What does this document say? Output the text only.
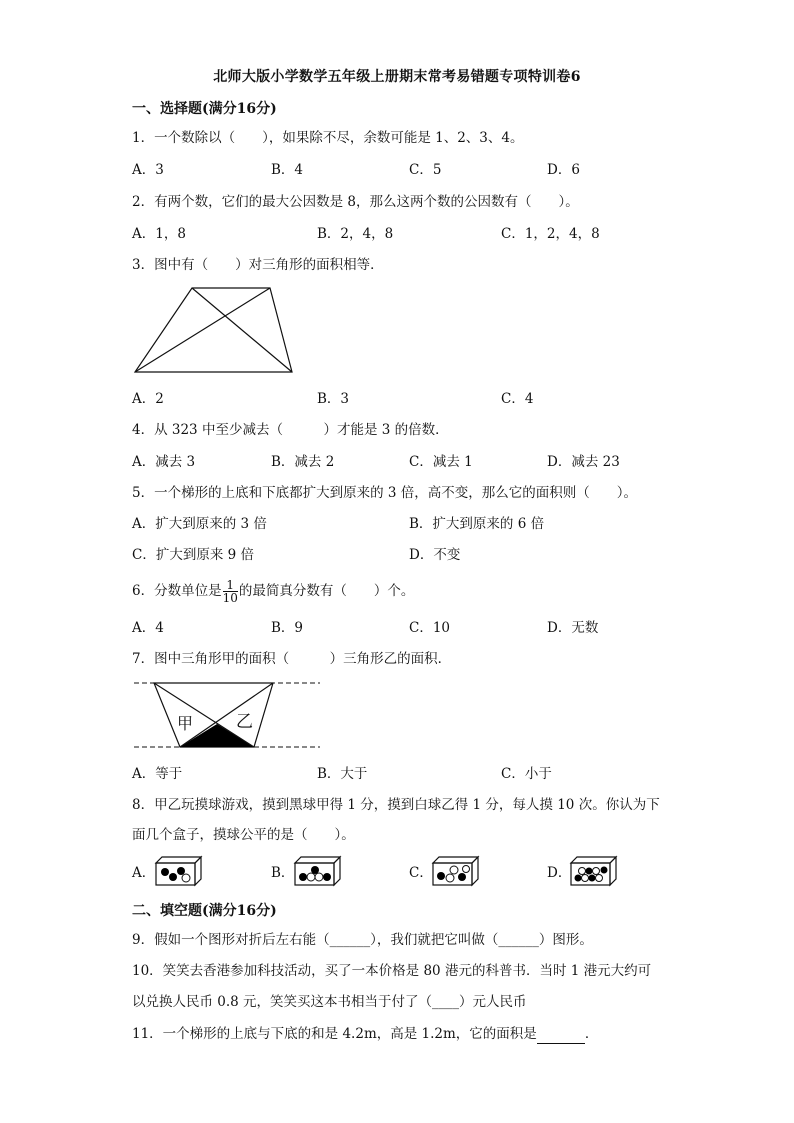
北师大版小学数学五年级上册期末常考易错题专项特训卷6
一、选择题(满分16分)
1．一个数除以（　　），如果除不尽，余数可能是 1、2、3、4。
A．3	B．4	C．5	D．6
2．有两个数，它们的最大公因数是 8，那么这两个数的公因数有（　　）。
A．1，8	B．2，4，8	C．1，2，4，8
3．图中有（　　）对三角形的面积相等．
A．2	B．3	C．4
4．从 323 中至少减去（　　　）才能是 3 的倍数．
A．减去 3	B．减去 2	C．减去 1	D．减去 23
5．一个梯形的上底和下底都扩大到原来的 3 倍，高不变，那么它的面积则（　　）。
A．扩大到原来的 3 倍	B．扩大到原来的 6 倍
C．扩大到原来 9 倍	D．不变
6．分数单位是 $\frac{1}{10}$ 的最简真分数有（　　）个。
A．4	B．9	C．10	D．无数
7．图中三角形甲的面积（　　　）三角形乙的面积．
甲	乙
A．等于	B．大于	C．小于
8．甲乙玩摸球游戏，摸到黑球甲得 1 分，摸到白球乙得 1 分，每人摸 10 次。你认为下
面几个盒子，摸球公平的是（　　）。
A．	B．	C．	D．
二、填空题(满分16分)
9．假如一个图形对折后左右能（______），我们就把它叫做（______）图形。
10．笑笑去香港参加科技活动，买了一本价格是 80 港元的科普书．当时 1 港元大约可
以兑换人民币 0.8 元，笑笑买这本书相当于付了（____）元人民币
11．一个梯形的上底与下底的和是 4.2m，高是 1.2m，它的面积是	．
